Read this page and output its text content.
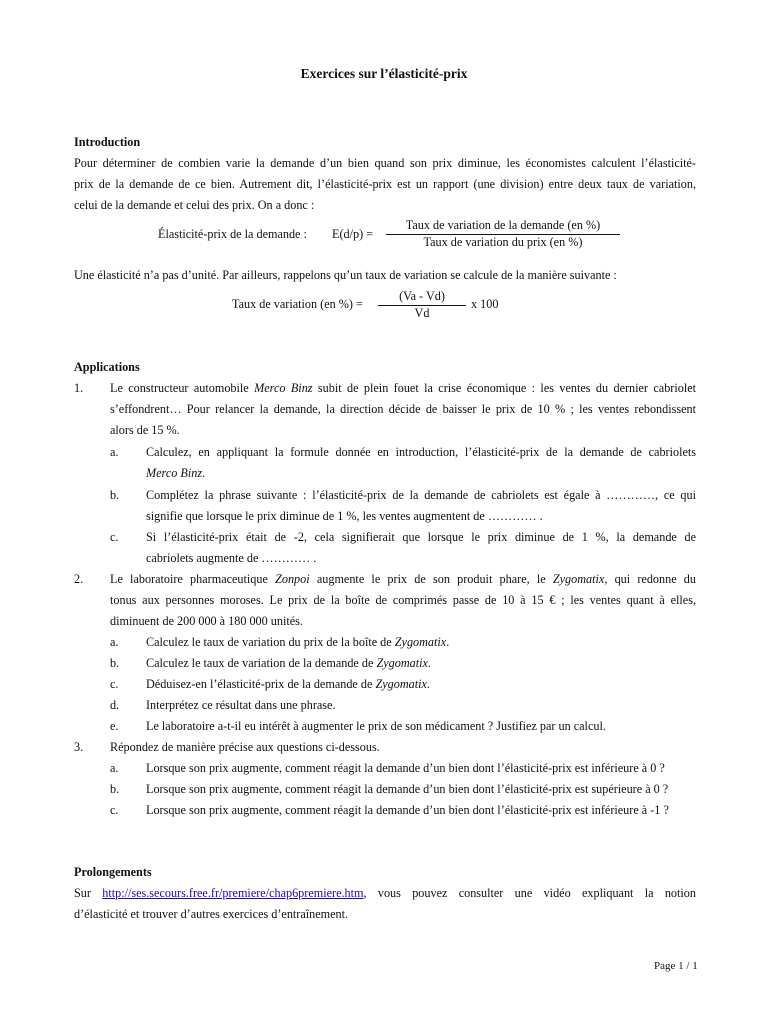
Exercices sur l’élasticité-prix
Introduction
Pour déterminer de combien varie la demande d’un bien quand son prix diminue, les économistes calculent l’élasticité-
prix de la demande de ce bien. Autrement dit, l’élasticité-prix est un rapport (une division) entre deux taux de variation,
celui de la demande et celui des prix. On a donc :
Élasticité-prix de la demande : E(d/p) =
Taux de variation de la demande (en %)
Taux de variation du prix (en %)
Une élasticité n’a pas d’unité. Par ailleurs, rappelons qu’un taux de variation se calcule de la manière suivante :
Taux de variation (en %) =
(Va - Vd)
Vd
x 100
Applications
1. Le constructeur automobile Merco Binz subit de plein fouet la crise économique : les ventes du dernier cabriolet
s’effondrent… Pour relancer la demande, la direction décide de baisser le prix de 10 % ; les ventes rebondissent
alors de 15 %.
a. Calculez, en appliquant la formule donnée en introduction, l’élasticité-prix de la demande de cabriolets
Merco Binz.
b. Complétez la phrase suivante : l’élasticité-prix de la demande de cabriolets est égale à …………, ce qui
signifie que lorsque le prix diminue de 1 %, les ventes augmentent de ………… .
c. Si l’élasticité-prix était de -2, cela signifierait que lorsque le prix diminue de 1 %, la demande de
cabriolets augmente de ………… .
2. Le laboratoire pharmaceutique Zonpoi augmente le prix de son produit phare, le Zygomatix, qui redonne du
tonus aux personnes moroses. Le prix de la boîte de comprimés passe de 10 à 15 € ; les ventes quant à elles,
diminuent de 200 000 à 180 000 unités.
a. Calculez le taux de variation du prix de la boîte de Zygomatix.
b. Calculez le taux de variation de la demande de Zygomatix.
c. Déduisez-en l’élasticité-prix de la demande de Zygomatix.
d. Interprétez ce résultat dans une phrase.
e. Le laboratoire a-t-il eu intérêt à augmenter le prix de son médicament ? Justifiez par un calcul.
3. Répondez de manière précise aux questions ci-dessous.
a. Lorsque son prix augmente, comment réagit la demande d’un bien dont l’élasticité-prix est inférieure à 0 ?
b. Lorsque son prix augmente, comment réagit la demande d’un bien dont l’élasticité-prix est supérieure à 0 ?
c. Lorsque son prix augmente, comment réagit la demande d’un bien dont l’élasticité-prix est inférieure à -1 ?
Prolongements
Sur http://ses.secours.free.fr/premiere/chap6premiere.htm, vous pouvez consulter une vidéo expliquant la notion
d’élasticité et trouver d’autres exercices d’entraînement.
Page 1 / 1
